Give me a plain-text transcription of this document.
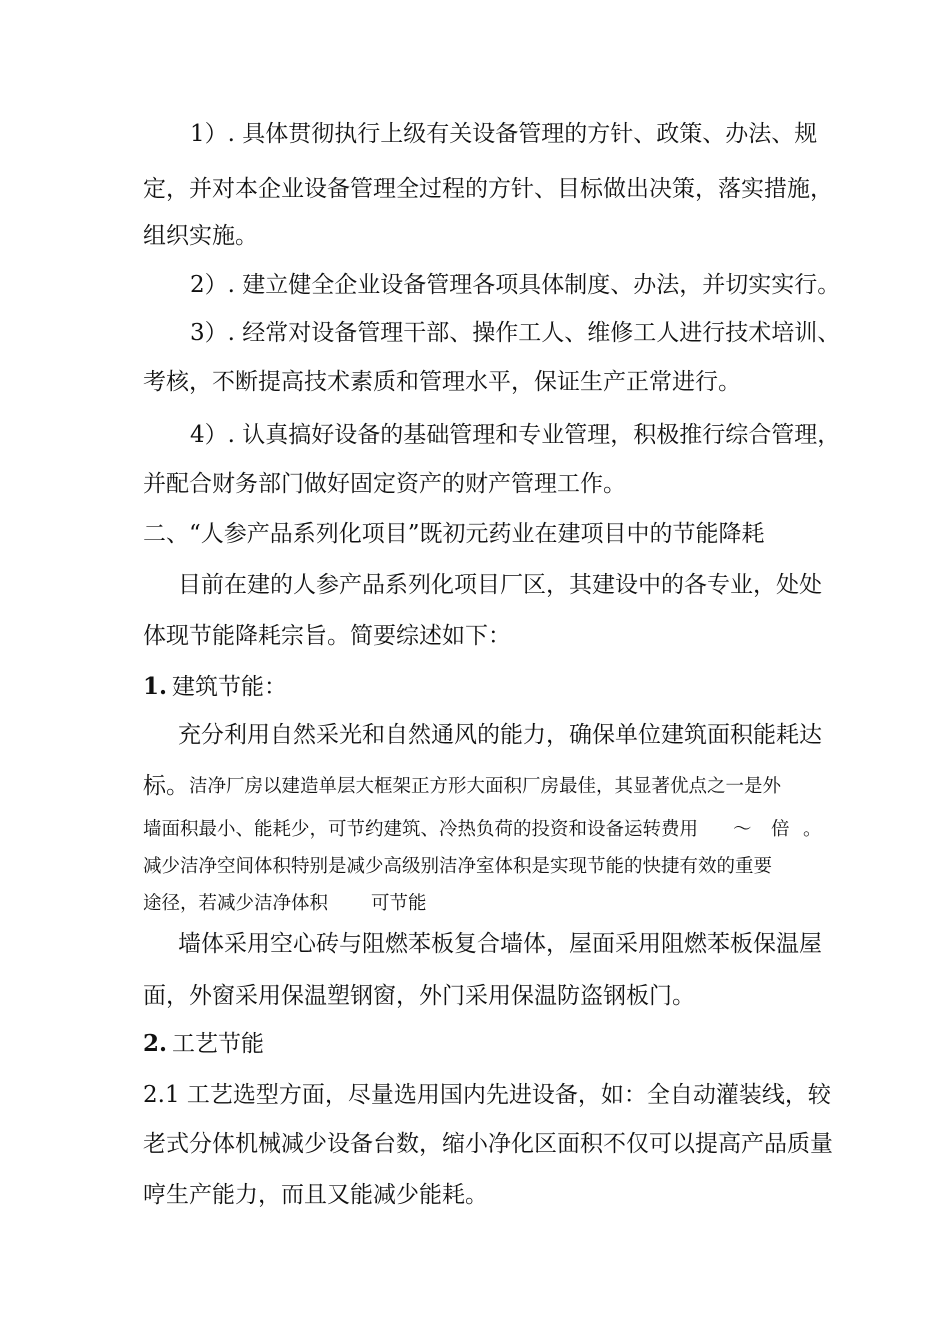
1）. 具体贯彻执行上级有关设备管理的方针、政策、办法、规
定，并对本企业设备管理全过程的方针、目标做出决策，落实措施，
组织实施。
2）. 建立健全企业设备管理各项具体制度、办法，并切实实行。
3）. 经常对设备管理干部、操作工人、维修工人进行技术培训、
考核，不断提高技术素质和管理水平，保证生产正常进行。
4）. 认真搞好设备的基础管理和专业管理，积极推行综合管理，
并配合财务部门做好固定资产的财产管理工作。
二、“人参产品系列化项目”既初元药业在建项目中的节能降耗
目前在建的人参产品系列化项目厂区，其建设中的各专业，处处
体现节能降耗宗旨。简要综述如下：
1. 建筑节能：
充分利用自然采光和自然通风的能力，确保单位建筑面积能耗达
标。 洁净厂房以建造单层大框架正方形大面积厂房最佳，其显著优点之一是外
墙面积最小、能耗少，可节约建筑、冷热负荷的投资和设备运转费用 ～ 倍 。
减少洁净空间体积特别是减少高级别洁净室体积是实现节能的快捷有效的重要
途径，若减少洁净体积 可节能
墙体采用空心砖与阻燃苯板复合墙体，屋面采用阻燃苯板保温屋
面，外窗采用保温塑钢窗，外门采用保温防盗钢板门。
2. 工艺节能
2.1 工艺选型方面，尽量选用国内先进设备，如：全自动灌装线，较
老式分体机械减少设备台数，缩小净化区面积不仅可以提高产品质量
哼生产能力，而且又能减少能耗。
